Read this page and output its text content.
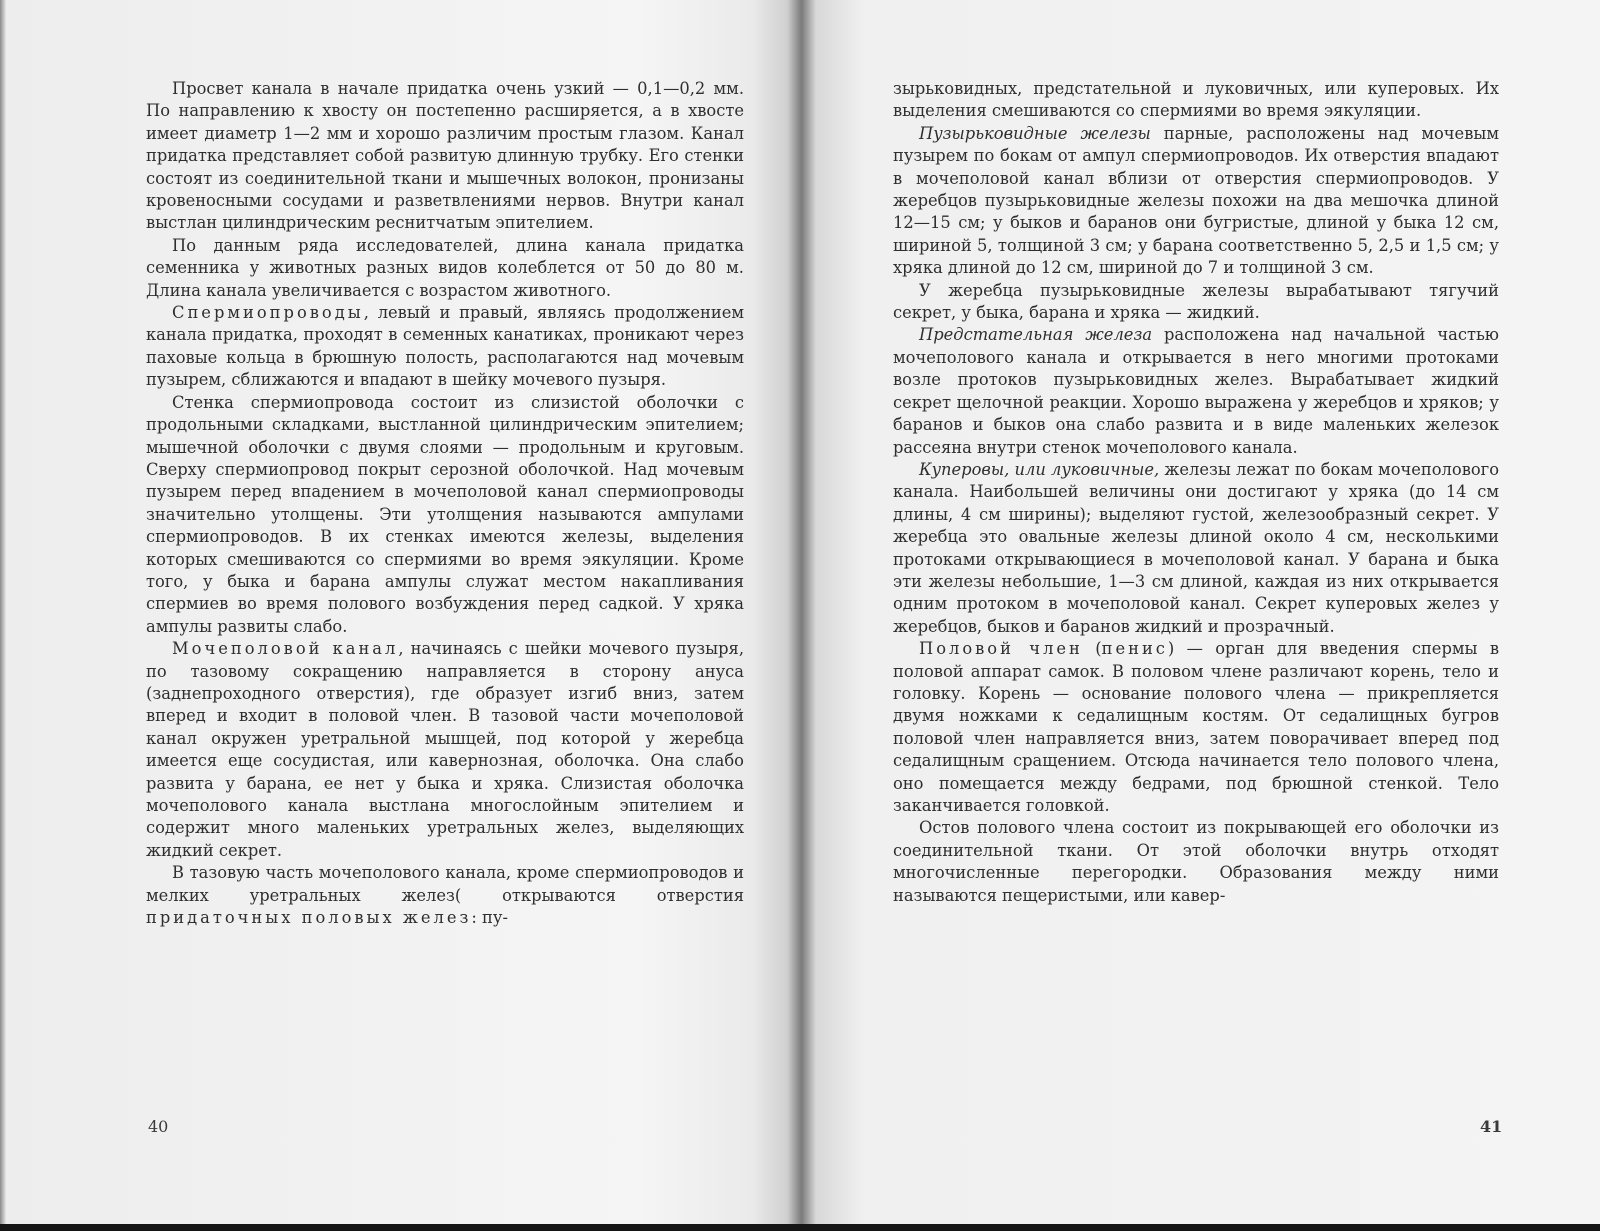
Просвет канала в начале придатка очень узкий — 0,1—0,2 мм. По направлению к хвосту он постепенно расширяется, а в хвосте имеет диаметр 1—2 мм и хорошо различим простым глазом. Канал придатка представляет собой развитую длинную трубку. Его стенки состоят из соединительной ткани и мышечных волокон, пронизаны кровеносными сосудами и разветвлениями нервов. Внутри канал выстлан цилиндрическим реснитчатым эпителием.

По данным ряда исследователей, длина канала придатка семенника у животных разных видов колеблется от 50 до 80 м. Длина канала увеличивается с возрастом животного.

Спермиопроводы, левый и правый, являясь продолжением канала придатка, проходят в семенных канатиках, проникают через паховые кольца в брюшную полость, располагаются над мочевым пузырем, сближаются и впадают в шейку мочевого пузыря.

Стенка спермиопровода состоит из слизистой оболочки с продольными складками, выстланной цилиндрическим эпителием; мышечной оболочки с двумя слоями — продольным и круговым. Сверху спермиопровод покрыт серозной оболочкой. Над мочевым пузырем перед впадением в мочеполовой канал спермиопроводы значительно утолщены. Эти утолщения называются ампулами спермиопроводов. В их стенках имеются железы, выделения которых смешиваются со спермиями во время эякуляции. Кроме того, у быка и барана ампулы служат местом накапливания спермиев во время полового возбуждения перед садкой. У хряка ампулы развиты слабо.

Мочеполовой канал, начинаясь с шейки мочевого пузыря, по тазовому сокращению направляется в сторону ануса (заднепроходного отверстия), где образует изгиб вниз, затем вперед и входит в половой член. В тазовой части мочеполовой канал окружен уретральной мышцей, под которой у жеребца имеется еще сосудистая, или кавернозная, оболочка. Она слабо развита у барана, ее нет у быка и хряка. Слизистая оболочка мочеполового канала выстлана многослойным эпителием и содержит много маленьких уретральных желез, выделяющих жидкий секрет.

В тазовую часть мочеполового канала, кроме спермиопроводов и мелких уретральных желез( открываются отверстия придаточных половых желез: пу-

40

зырьковидных, предстательной и луковичных, или куперовых. Их выделения смешиваются со спермиями во время эякуляции.

Пузырьковидные железы парные, расположены над мочевым пузырем по бокам от ампул спермиопроводов. Их отверстия впадают в мочеполовой канал вблизи от отверстия спермиопроводов. У жеребцов пузырьковидные железы похожи на два мешочка длиной 12—15 см; у быков и баранов они бугристые, длиной у быка 12 см, шириной 5, толщиной 3 см; у барана соответственно 5, 2,5 и 1,5 см; у хряка длиной до 12 см, шириной до 7 и толщиной 3 см.

У жеребца пузырьковидные железы вырабатывают тягучий секрет, у быка, барана и хряка — жидкий.

Предстательная железа расположена над начальной частью мочеполового канала и открывается в него многими протоками возле протоков пузырьковидных желез. Вырабатывает жидкий секрет щелочной реакции. Хорошо выражена у жеребцов и хряков; у баранов и быков она слабо развита и в виде маленьких железок рассеяна внутри стенок мочеполового канала.

Куперовы, или луковичные, железы лежат по бокам мочеполового канала. Наибольшей величины они достигают у хряка (до 14 см длины, 4 см ширины); выделяют густой, железообразный секрет. У жеребца это овальные железы длиной около 4 см, несколькими протоками открывающиеся в мочеполовой канал. У барана и быка эти железы небольшие, 1—3 см длиной, каждая из них открывается одним протоком в мочеполовой канал. Секрет куперовых желез у жеребцов, быков и баранов жидкий и прозрачный.

Половой член (пенис) — орган для введения спермы в половой аппарат самок. В половом члене различают корень, тело и головку. Корень — основание полового члена — прикрепляется двумя ножками к седалищным костям. От седалищных бугров половой член направляется вниз, затем поворачивает вперед под седалищным сращением. Отсюда начинается тело полового члена, оно помещается между бедрами, под брюшной стенкой. Тело заканчивается головкой.

Остов полового члена состоит из покрывающей его оболочки из соединительной ткани. От этой оболочки внутрь отходят многочисленные перегородки. Образования между ними называются пещеристыми, или кавер-

41
